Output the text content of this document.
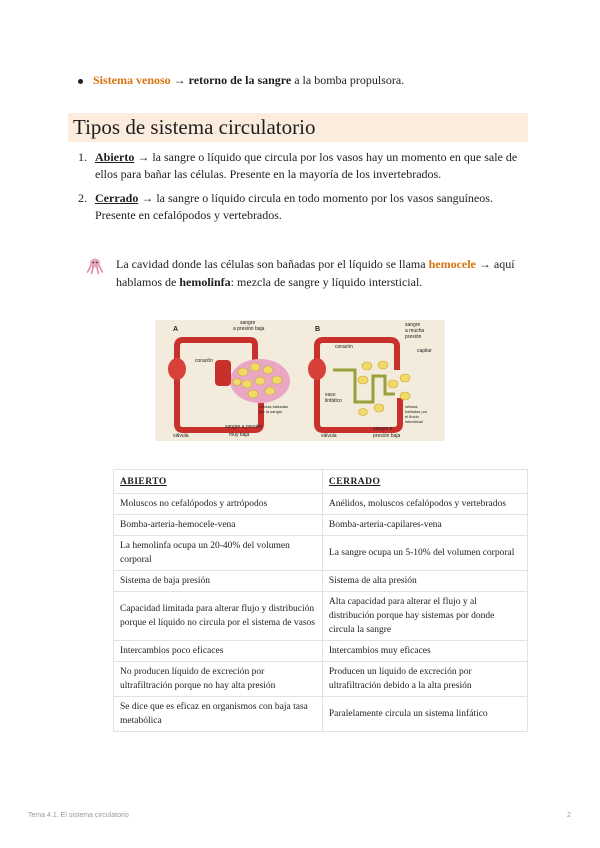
Sistema venoso → retorno de la sangre a la bomba propulsora.
Tipos de sistema circulatorio
1. Abierto → la sangre o líquido que circula por los vasos hay un momento en que sale de ellos para bañar las células. Presente en la mayoría de los invertebrados.
2. Cerrado → la sangre o líquido circula en todo momento por los vasos sanguíneos. Presente en cefalópodos y vertebrados.
La cavidad donde las células son bañadas por el líquido se llama hemocele → aquí hablamos de hemolinfa: mezcla de sangre y líquido intersticial.
A
sangre
a presión baja
corazón
células bañadas
por la sangre
válvula
sangre a presión
muy baja
B
sangre
a mucha
presión
corazón
capilar
vaso
linfático
células
bañadas por
el fluido
intersticial
válvula
sangre a
presión baja
ABIERTO	CERRADO
Moluscos no cefalópodos y artrópodos	Anélidos, moluscos cefalópodos y vertebrados
Bomba-arteria-hemocele-vena	Bomba-arteria-capilares-vena
La hemolinfa ocupa un 20-40% del volumen corporal	La sangre ocupa un 5-10% del volumen corporal
Sistema de baja presión	Sistema de alta presión
Capacidad limitada para alterar flujo y distribución porque el líquido no circula por el sistema de vasos	Alta capacidad para alterar el flujo y al distribución porque hay sistemas por donde circula la sangre
Intercambios poco eficaces	Intercambios muy eficaces
No producen líquido de excreción por ultrafiltración porque no hay alta presión	Producen un líquido de excreción por ultrafiltración debido a la alta presión
Se dice que es eficaz en organismos con baja tasa metabólica	Paralelamente circula un sistema linfático
Tema 4.1. El sistema circulatorio	2
